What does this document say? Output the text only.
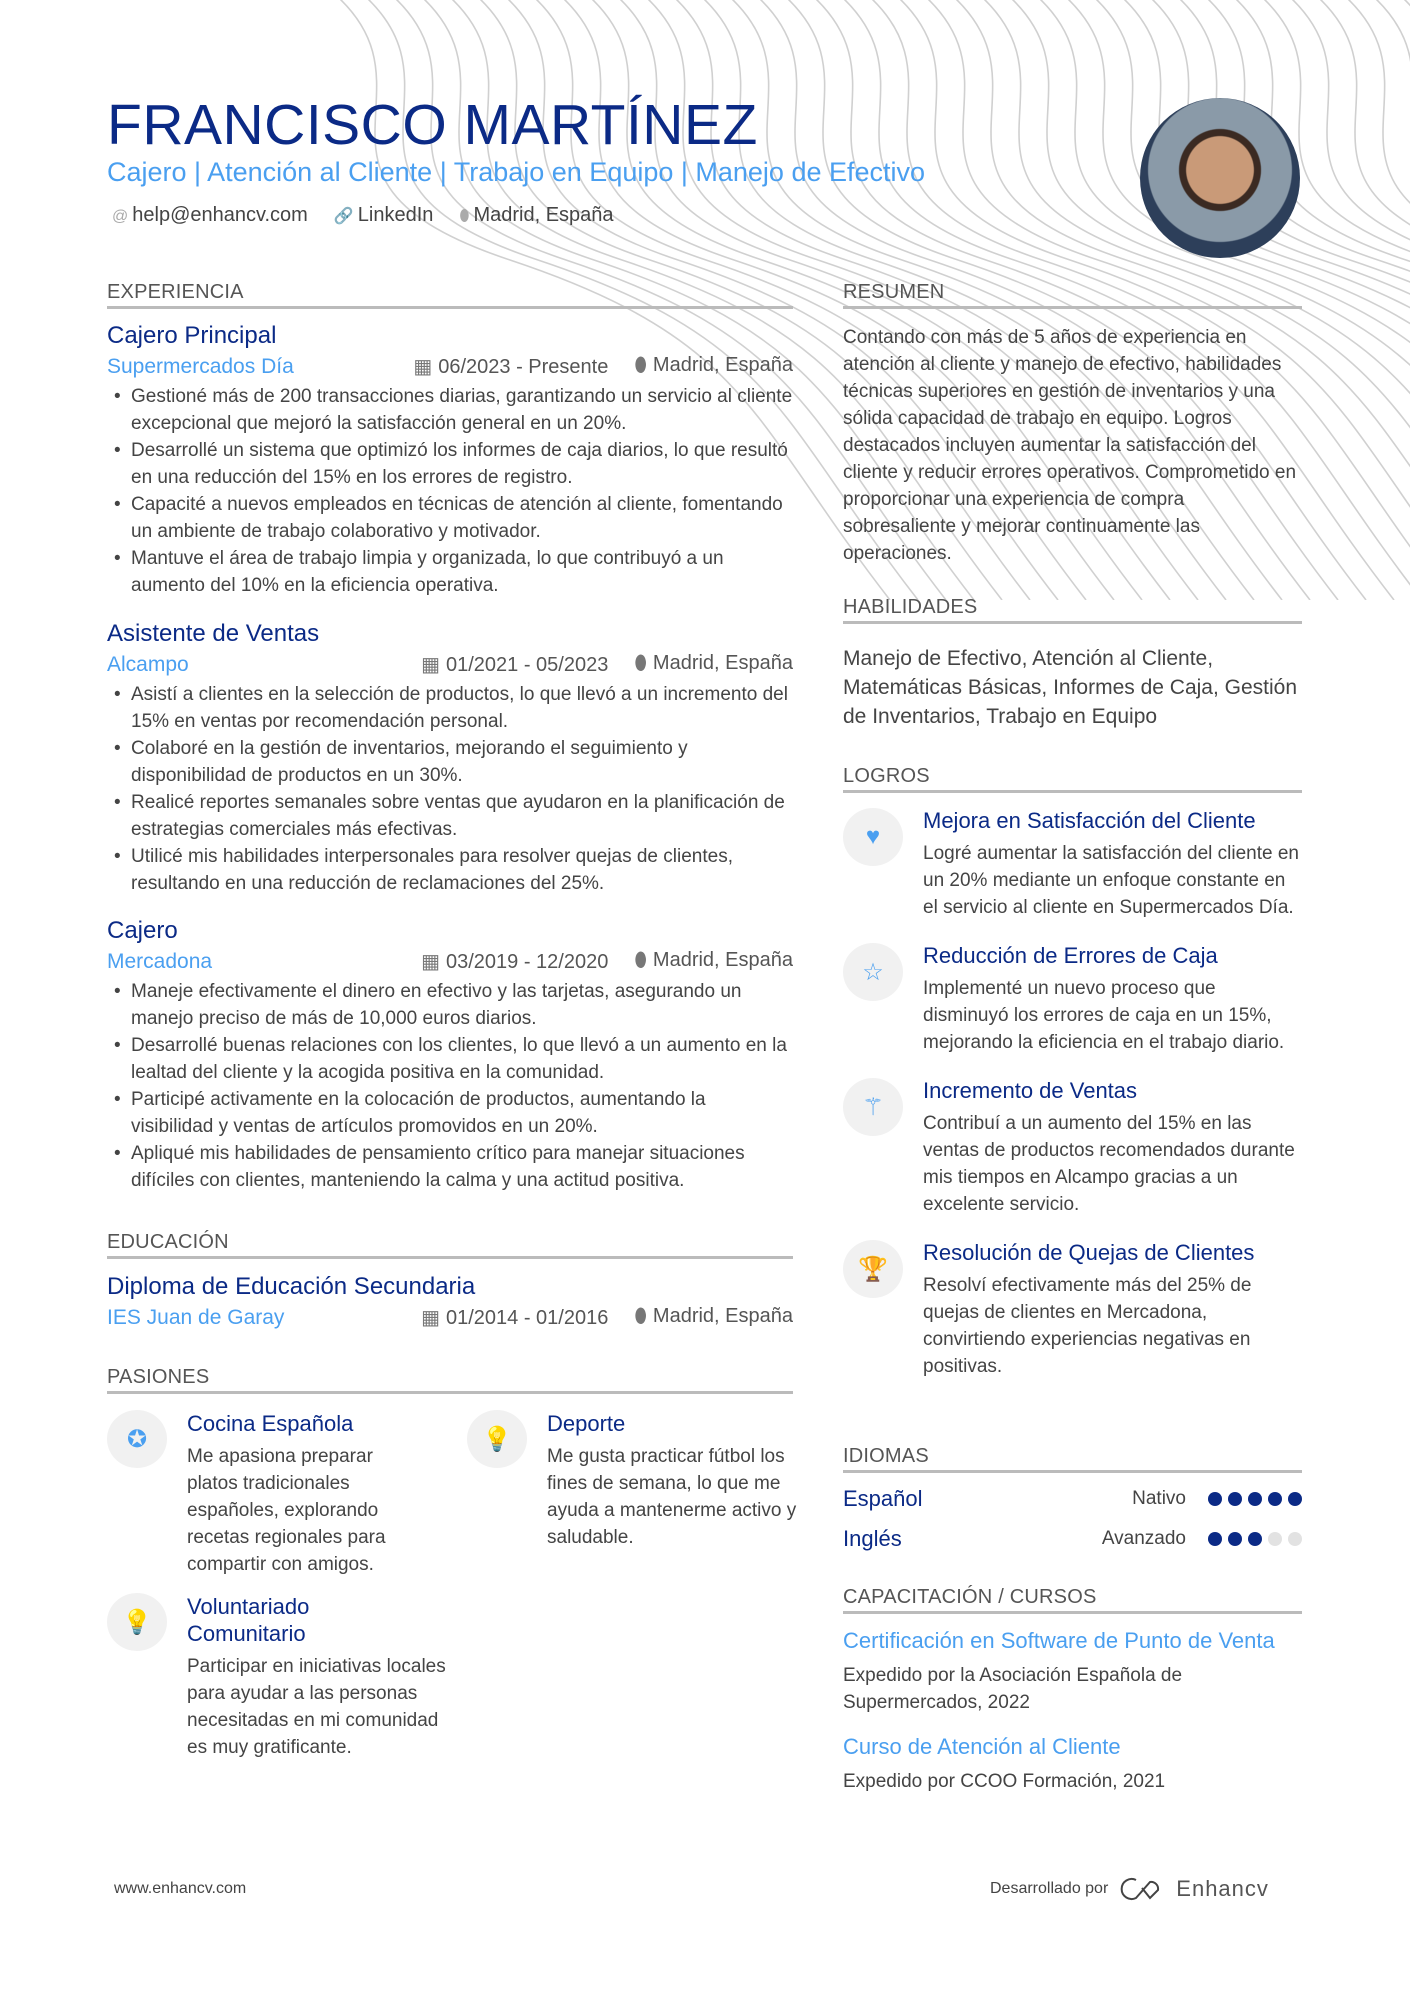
FRANCISCO MARTÍNEZ
Cajero | Atención al Cliente | Trabajo en Equipo | Manejo de Efectivo
@ help@enhancv.com 🔗 LinkedIn ⬮ Madrid, España
EXPERIENCIA
Cajero Principal
Supermercados Día	▦ 06/2023 - Presente ⬮ Madrid, España
• Gestioné más de 200 transacciones diarias, garantizando un servicio al cliente excepcional que mejoró la satisfacción general en un 20%.
• Desarrollé un sistema que optimizó los informes de caja diarios, lo que resultó en una reducción del 15% en los errores de registro.
• Capacité a nuevos empleados en técnicas de atención al cliente, fomentando un ambiente de trabajo colaborativo y motivador.
• Mantuve el área de trabajo limpia y organizada, lo que contribuyó a un aumento del 10% en la eficiencia operativa.
Asistente de Ventas
Alcampo	▦ 01/2021 - 05/2023 ⬮ Madrid, España
• Asistí a clientes en la selección de productos, lo que llevó a un incremento del 15% en ventas por recomendación personal.
• Colaboré en la gestión de inventarios, mejorando el seguimiento y disponibilidad de productos en un 30%.
• Realicé reportes semanales sobre ventas que ayudaron en la planificación de estrategias comerciales más efectivas.
• Utilicé mis habilidades interpersonales para resolver quejas de clientes, resultando en una reducción de reclamaciones del 25%.
Cajero
Mercadona	▦ 03/2019 - 12/2020 ⬮ Madrid, España
• Maneje efectivamente el dinero en efectivo y las tarjetas, asegurando un manejo preciso de más de 10,000 euros diarios.
• Desarrollé buenas relaciones con los clientes, lo que llevó a un aumento en la lealtad del cliente y la acogida positiva en la comunidad.
• Participé activamente en la colocación de productos, aumentando la visibilidad y ventas de artículos promovidos en un 20%.
• Apliqué mis habilidades de pensamiento crítico para manejar situaciones difíciles con clientes, manteniendo la calma y una actitud positiva.
EDUCACIÓN
Diploma de Educación Secundaria
IES Juan de Garay	▦ 01/2014 - 01/2016 ⬮ Madrid, España
PASIONES
✪
Cocina Española
Me apasiona preparar platos tradicionales españoles, explorando recetas regionales para compartir con amigos.
💡
Deporte
Me gusta practicar fútbol los fines de semana, lo que me ayuda a mantenerme activo y saludable.
💡
Voluntariado Comunitario
Participar en iniciativas locales para ayudar a las personas necesitadas en mi comunidad es muy gratificante.
RESUMEN
Contando con más de 5 años de experiencia en atención al cliente y manejo de efectivo, habilidades técnicas superiores en gestión de inventarios y una sólida capacidad de trabajo en equipo. Logros destacados incluyen aumentar la satisfacción del cliente y reducir errores operativos. Comprometido en proporcionar una experiencia de compra sobresaliente y mejorar continuamente las operaciones.
HABILIDADES
Manejo de Efectivo, Atención al Cliente, Matemáticas Básicas, Informes de Caja, Gestión de Inventarios, Trabajo en Equipo
LOGROS
♥
Mejora en Satisfacción del Cliente
Logré aumentar la satisfacción del cliente en un 20% mediante un enfoque constante en el servicio al cliente en Supermercados Día.
☆
Reducción de Errores de Caja
Implementé un nuevo proceso que disminuyó los errores de caja en un 15%, mejorando la eficiencia en el trabajo diario.
⚚
Incremento de Ventas
Contribuí a un aumento del 15% en las ventas de productos recomendados durante mis tiempos en Alcampo gracias a un excelente servicio.
🏆
Resolución de Quejas de Clientes
Resolví efectivamente más del 25% de quejas de clientes en Mercadona, convirtiendo experiencias negativas en positivas.
IDIOMAS
Español	Nativo
Inglés	Avanzado
CAPACITACIÓN / CURSOS
Certificación en Software de Punto de Venta
Expedido por la Asociación Española de Supermercados, 2022
Curso de Atención al Cliente
Expedido por CCOO Formación, 2021
www.enhancv.com	Desarrollado por	Enhancv
